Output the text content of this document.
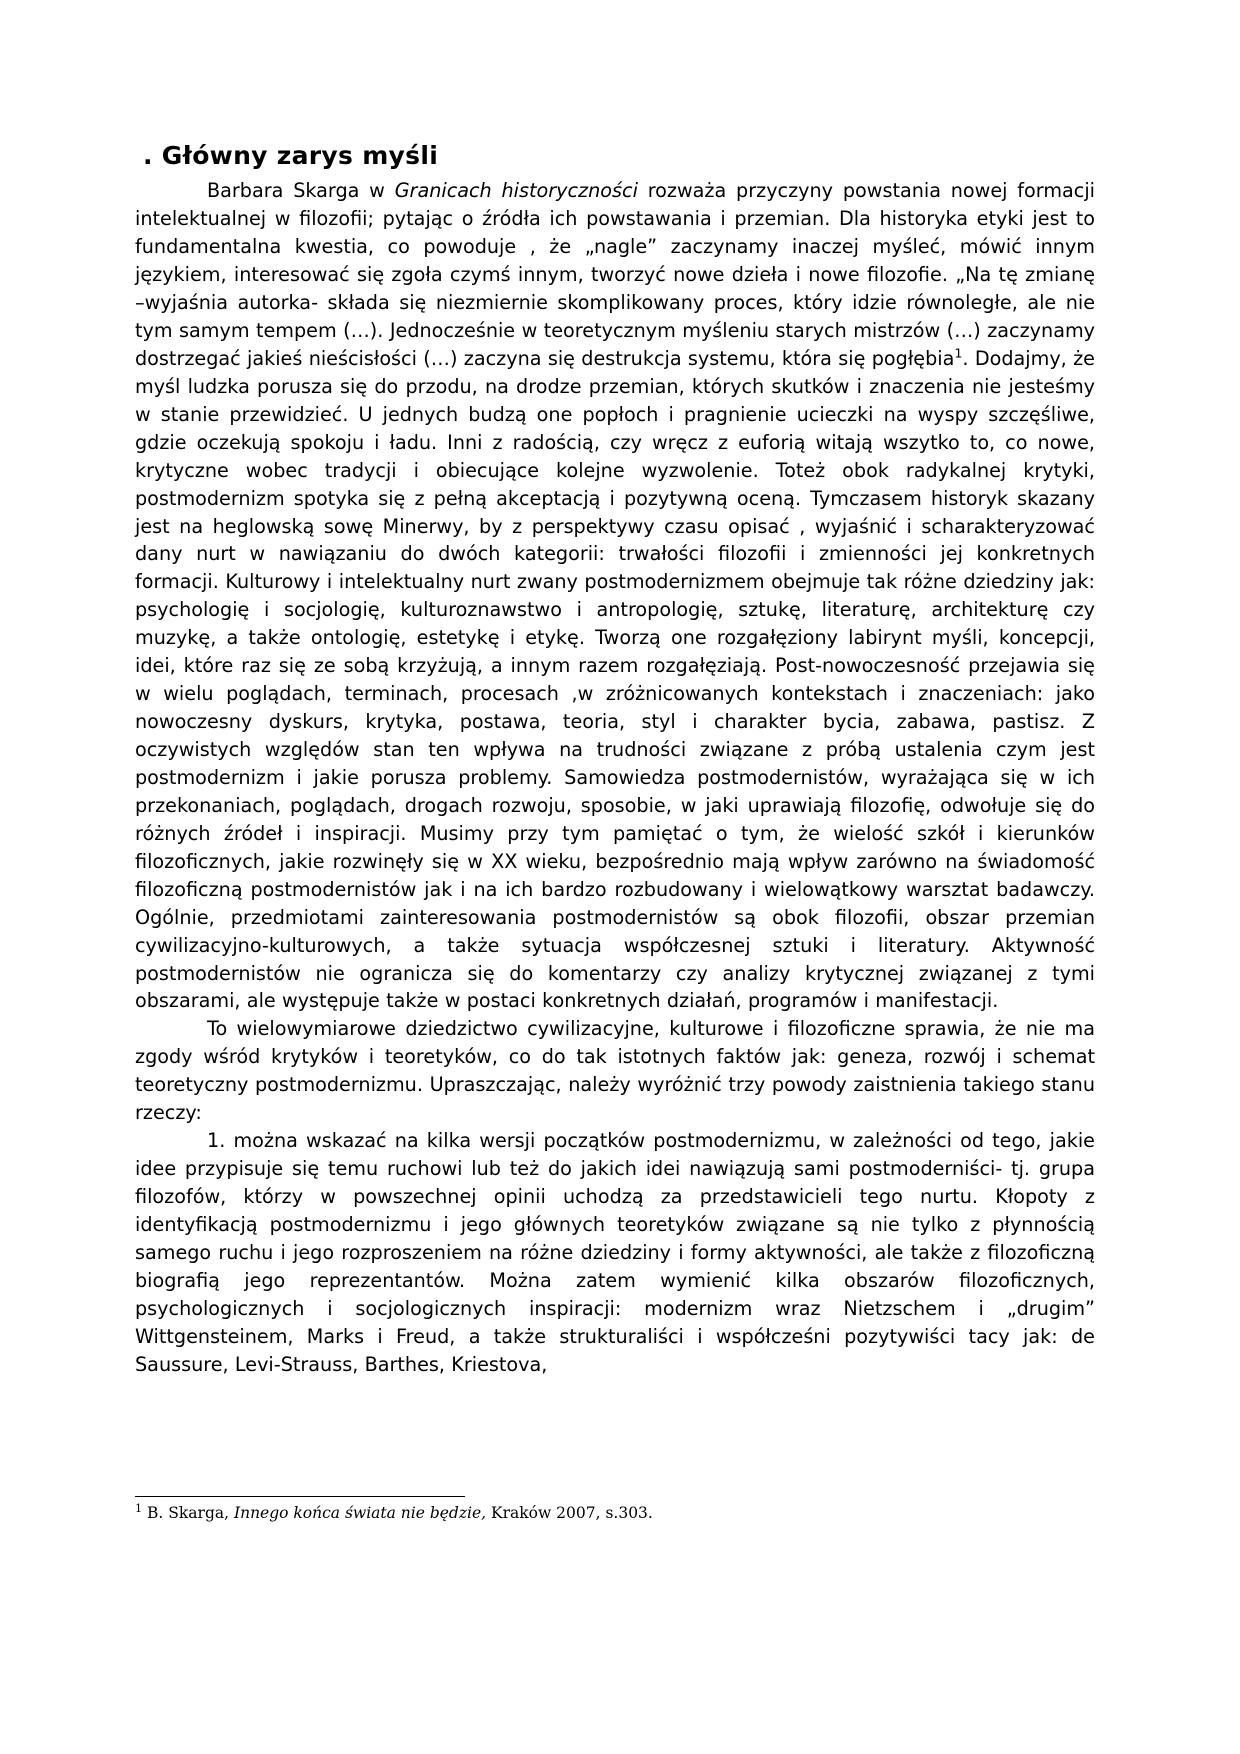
. Główny zarys myśli

Barbara Skarga w Granicach historyczności rozważa przyczyny powstania nowej formacji intelektualnej w filozofii; pytając o źródła ich powstawania i przemian. Dla historyka etyki jest to fundamentalna kwestia, co powoduje , że „nagle” zaczynamy inaczej myśleć, mówić innym językiem, interesować się zgoła czymś innym, tworzyć nowe dzieła i nowe filozofie. „Na tę zmianę –wyjaśnia autorka- składa się niezmiernie skomplikowany proces, który idzie równoległe, ale nie tym samym tempem (…). Jednocześnie w teoretycznym myśleniu starych mistrzów (…) zaczynamy dostrzegać jakieś nieścisłości (…) zaczyna się destrukcja systemu, która się pogłębia$^1$. Dodajmy, że myśl ludzka porusza się do przodu, na drodze przemian, których skutków i znaczenia nie jesteśmy w stanie przewidzieć. U jednych budzą one popłoch i pragnienie ucieczki na wyspy szczęśliwe, gdzie oczekują spokoju i ładu. Inni z radością, czy wręcz z euforią witają wszytko to, co nowe, krytyczne wobec tradycji i obiecujące kolejne wyzwolenie. Toteż obok radykalnej krytyki, postmodernizm spotyka się z pełną akceptacją i pozytywną oceną. Tymczasem historyk skazany jest na heglowską sowę Minerwy, by z perspektywy czasu opisać , wyjaśnić i scharakteryzować dany nurt w nawiązaniu do dwóch kategorii: trwałości filozofii i zmienności jej konkretnych formacji. Kulturowy i intelektualny nurt zwany postmodernizmem obejmuje tak różne dziedziny jak: psychologię i socjologię, kulturoznawstwo i antropologię, sztukę, literaturę, architekturę czy muzykę, a także ontologię, estetykę i etykę. Tworzą one rozgałęziony labirynt myśli, koncepcji, idei, które raz się ze sobą krzyżują, a innym razem rozgałęziają. Post-nowoczesność przejawia się w wielu poglądach, terminach, procesach ,w zróżnicowanych kontekstach i znaczeniach: jako nowoczesny dyskurs, krytyka, postawa, teoria, styl i charakter bycia, zabawa, pastisz. Z oczywistych względów stan ten wpływa na trudności związane z próbą ustalenia czym jest postmodernizm i jakie porusza problemy. Samowiedza postmodernistów, wyrażająca się w ich przekonaniach, poglądach, drogach rozwoju, sposobie, w jaki uprawiają filozofię, odwołuje się do różnych źródeł i inspiracji. Musimy przy tym pamiętać o tym, że wielość szkół i kierunków filozoficznych, jakie rozwinęły się w XX wieku, bezpośrednio mają wpływ zarówno na świadomość filozoficzną postmodernistów jak i na ich bardzo rozbudowany i wielowątkowy warsztat badawczy. Ogólnie, przedmiotami zainteresowania postmodernistów są obok filozofii, obszar przemian cywilizacyjno-kulturowych, a także sytuacja współczesnej sztuki i literatury. Aktywność postmodernistów nie ogranicza się do komentarzy czy analizy krytycznej związanej z tymi obszarami, ale występuje także w postaci konkretnych działań, programów i manifestacji.

To wielowymiarowe dziedzictwo cywilizacyjne, kulturowe i filozoficzne sprawia, że nie ma zgody wśród krytyków i teoretyków, co do tak istotnych faktów jak: geneza, rozwój i schemat teoretyczny postmodernizmu. Upraszczając, należy wyróżnić trzy powody zaistnienia takiego stanu rzeczy:

1. można wskazać na kilka wersji początków postmodernizmu, w zależności od tego, jakie idee przypisuje się temu ruchowi lub też do jakich idei nawiązują sami postmoderniści- tj. grupa filozofów, którzy w powszechnej opinii uchodzą za przedstawicieli tego nurtu. Kłopoty z identyfikacją postmodernizmu i jego głównych teoretyków związane są nie tylko z płynnością samego ruchu i jego rozproszeniem na różne dziedziny i formy aktywności, ale także z filozoficzną biografią jego reprezentantów. Można zatem wymienić kilka obszarów filozoficznych, psychologicznych i socjologicznych inspiracji: modernizm wraz Nietzschem i „drugim” Wittgensteinem, Marks i Freud, a także strukturaliści i współcześni pozytywiści tacy jak: de Saussure, Levi-Strauss, Barthes, Kriestova,

$^1$ B. Skarga, Innego końca świata nie będzie, Kraków 2007, s.303.
